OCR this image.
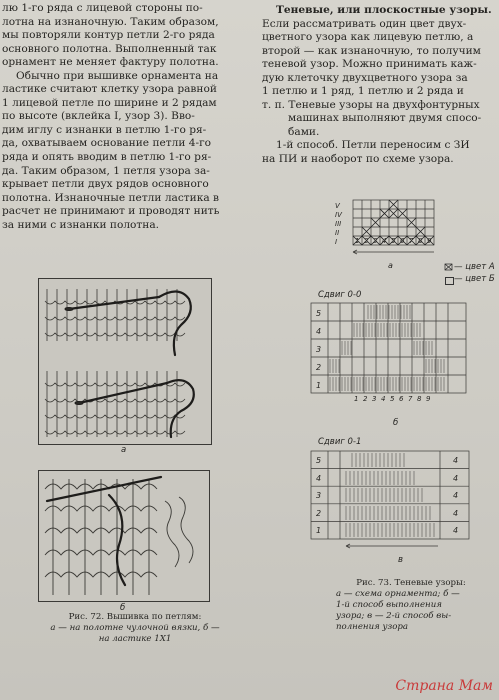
лю 1-го ряда с лицевой стороны по-
лотна на изнаночную. Таким образом,
мы повторяли контур петли 2-го ряда
основного полотна. Выполненный так
орнамент не меняет фактуру полотна.
Обычно при вышивке орнамента на
ластике считают клетку узора равной
1 лицевой петле по ширине и 2 рядам
по высоте (вклейка I, узор 3). Вво-
дим иглу с изнанки в петлю 1-го ря-
да, охватываем основание петли 4-го
ряда и опять вводим в петлю 1-го ря-
да. Таким образом, 1 петля узора за-
крывает петли двух рядов основного
полотна. Изнаночные петли ластика в
расчет не принимают и проводят нить
за ними с изнанки полотна.
Теневые, или плоскостные узоры.
Если рассматривать один цвет двух-
цветного узора как лицевую петлю, а
второй — как изнаночную, то получим
теневой узор. Можно принимать каж-
дую клеточку двухцветного узора за
1 петлю и 1 ряд, 1 петлю и 2 ряда и
т. п. Теневые узоры на двухфонтурных
машинах выполняют двумя спосо-
бами.
1-й способ. Петли переносим с ЗИ
на ПИ и наоборот по схеме узора.
а
б
Рис. 72. Вышивка по петлям:
а — на полотне чулочной вязки, б —
на ластике 1Х1
V
IV
III
II
I	1 2 3 4 5 6 7 8 9
а	— цвет А
— цвет Б
Сдвиг 0-0
5
4
3
2
1
1 2 3 4 5 6 7 8 9
б
Сдвиг 0-1
5
4
3
2
1
4
4
4
4
4
в
Рис. 73. Теневые узоры:
а — схема орнамента; б —
1-й способ выполнения
узора; в — 2-й способ вы-
полнения узора
Страна Мам
